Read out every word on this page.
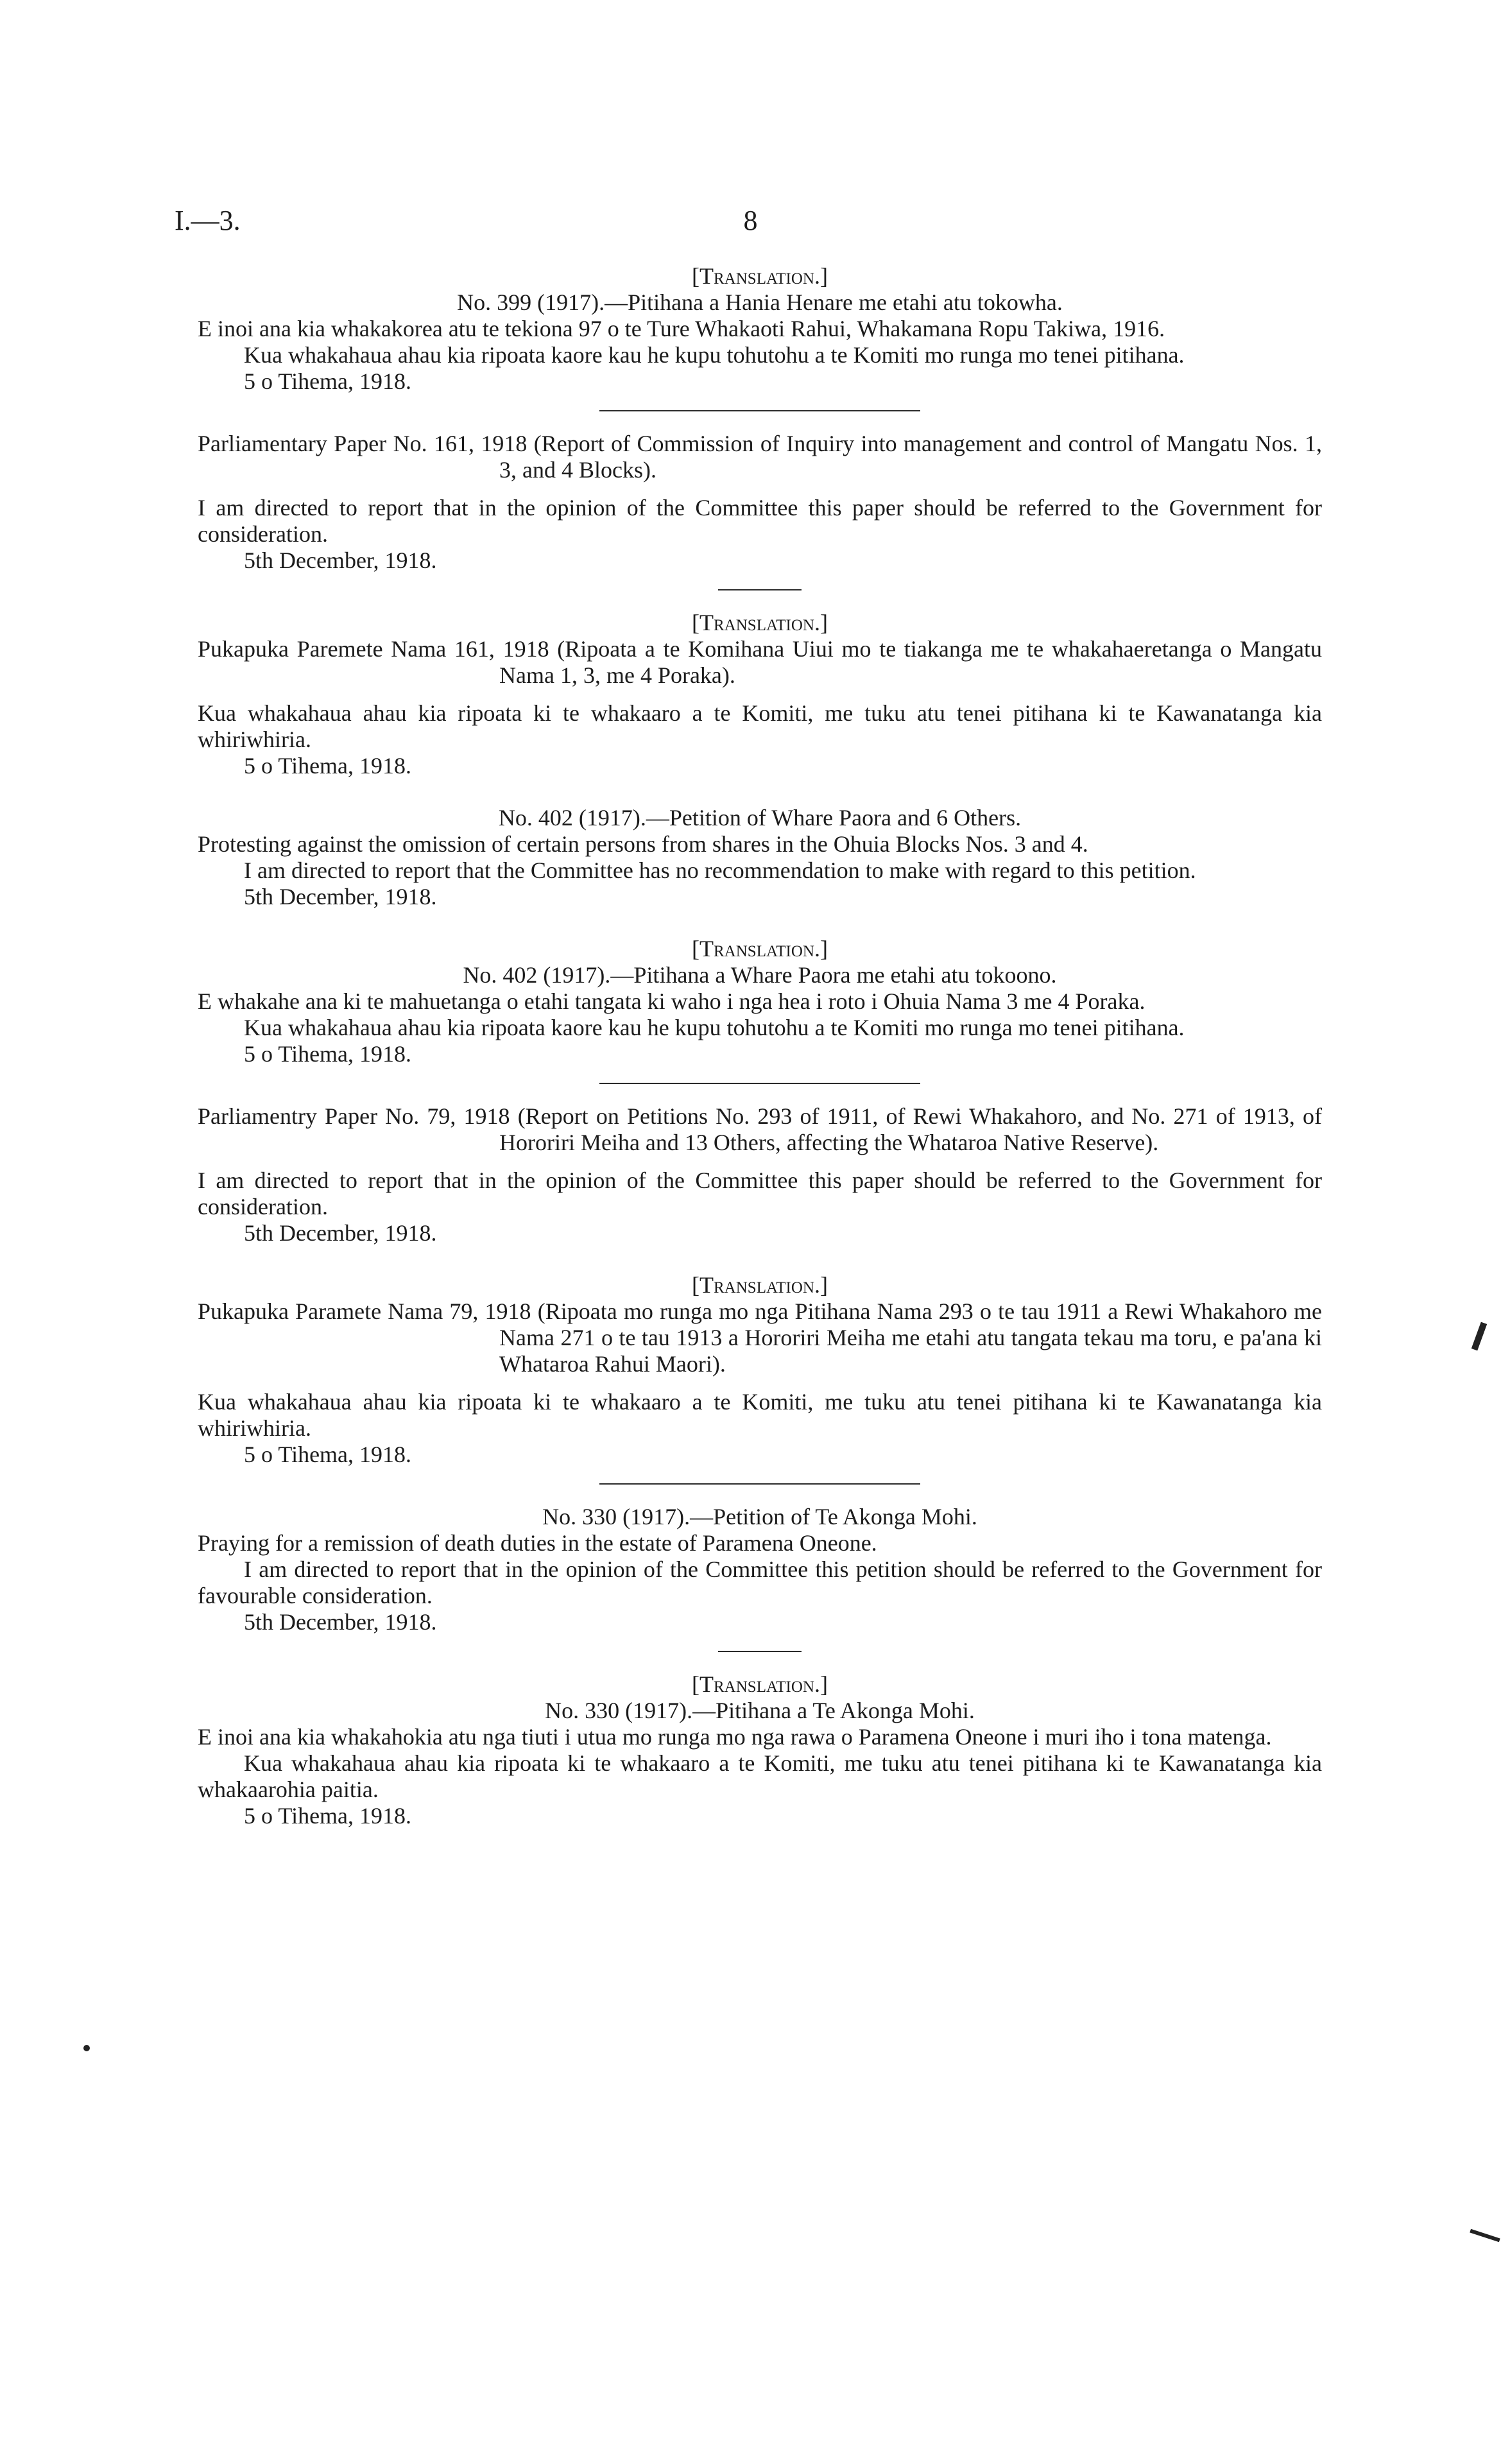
I.—3.	8
[Translation.]
No. 399 (1917).—Pitihana a Hania Henare me etahi atu tokowha.

E inoi ana kia whakakorea atu te tekiona 97 o te Ture Whakaoti Rahui, Whakamana Ropu Takiwa, 1916.

Kua whakahaua ahau kia ripoata kaore kau he kupu tohutohu a te Komiti mo runga mo tenei pitihana.

5 o Tihema, 1918.

Parliamentary Paper No. 161, 1918 (Report of Commission of Inquiry into management and control of Mangatu Nos. 1, 3, and 4 Blocks).

I am directed to report that in the opinion of the Committee this paper should be referred to the Government for consideration.

5th December, 1918.

[Translation.]

Pukapuka Paremete Nama 161, 1918 (Ripoata a te Komihana Uiui mo te tiakanga me te whakahaeretanga o Mangatu Nama 1, 3, me 4 Poraka).

Kua whakahaua ahau kia ripoata ki te whakaaro a te Komiti, me tuku atu tenei pitihana ki te Kawanatanga kia whiriwhiria.

5 o Tihema, 1918.

No. 402 (1917).—Petition of Whare Paora and 6 Others.

Protesting against the omission of certain persons from shares in the Ohuia Blocks Nos. 3 and 4.

I am directed to report that the Committee has no recommendation to make with regard to this petition.

5th December, 1918.

[Translation.]
No. 402 (1917).—Pitihana a Whare Paora me etahi atu tokoono.

E whakahe ana ki te mahuetanga o etahi tangata ki waho i nga hea i roto i Ohuia Nama 3 me 4 Poraka.

Kua whakahaua ahau kia ripoata kaore kau he kupu tohutohu a te Komiti mo runga mo tenei pitihana.

5 o Tihema, 1918.

Parliamentry Paper No. 79, 1918 (Report on Petitions No. 293 of 1911, of Rewi Whakahoro, and No. 271 of 1913, of Hororiri Meiha and 13 Others, affecting the Whataroa Native Reserve).

I am directed to report that in the opinion of the Committee this paper should be referred to the Government for consideration.

5th December, 1918.

[Translation.]

Pukapuka Paramete Nama 79, 1918 (Ripoata mo runga mo nga Pitihana Nama 293 o te tau 1911 a Rewi Whakahoro me Nama 271 o te tau 1913 a Hororiri Meiha me etahi atu tangata tekau ma toru, e pa'ana ki Whataroa Rahui Maori).

Kua whakahaua ahau kia ripoata ki te whakaaro a te Komiti, me tuku atu tenei pitihana ki te Kawanatanga kia whiriwhiria.

5 o Tihema, 1918.

No. 330 (1917).—Petition of Te Akonga Mohi.

Praying for a remission of death duties in the estate of Paramena Oneone.

I am directed to report that in the opinion of the Committee this petition should be referred to the Government for favourable consideration.

5th December, 1918.

[Translation.]
No. 330 (1917).—Pitihana a Te Akonga Mohi.

E inoi ana kia whakahokia atu nga tiuti i utua mo runga mo nga rawa o Paramena Oneone i muri iho i tona matenga.

Kua whakahaua ahau kia ripoata ki te whakaaro a te Komiti, me tuku atu tenei pitihana ki te Kawanatanga kia whakaarohia paitia.

5 o Tihema, 1918.
